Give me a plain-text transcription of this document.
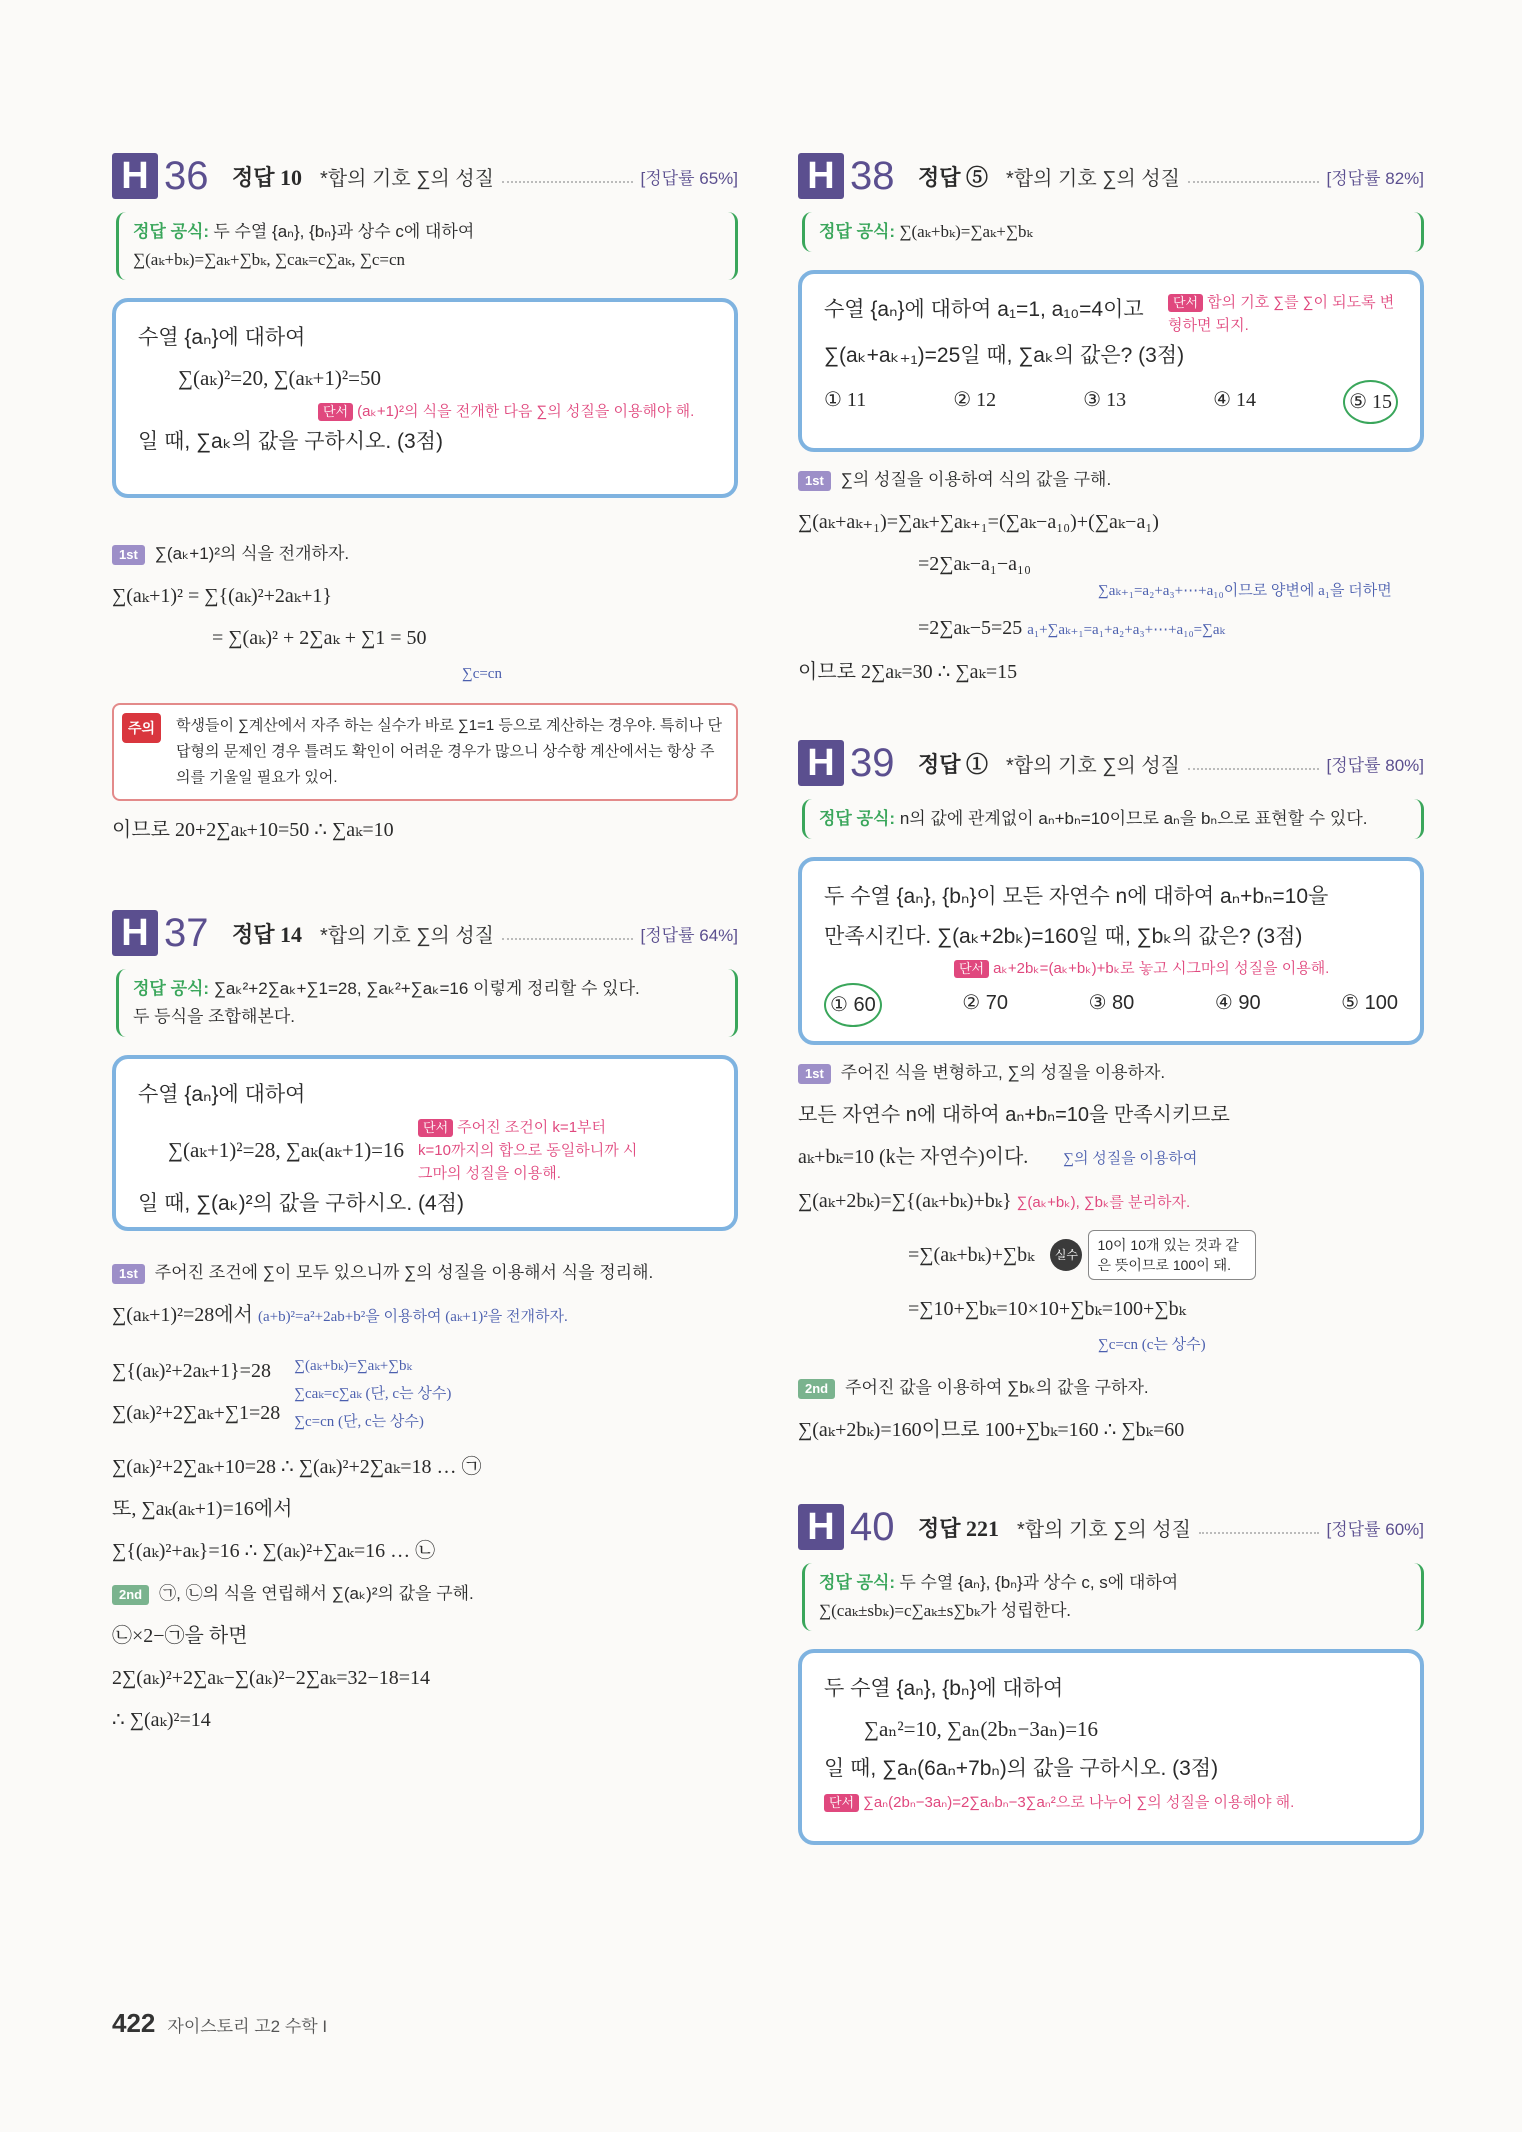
H 36	정답 10 *합의 기호 ∑의 성질	[정답률 65%]
정답 공식: 두 수열 {aₙ}, {bₙ}과 상수 c에 대하여
∑(aₖ+bₖ)=∑aₖ+∑bₖ, ∑caₖ=c∑aₖ, ∑c=cn
수열 {aₙ}에 대하여
∑(aₖ)²=20, ∑(aₖ+1)²=50
단서 (aₖ+1)²의 식을 전개한 다음 ∑의 성질을 이용해야 해.
일 때, ∑aₖ의 값을 구하시오. (3점)
1st ∑(aₖ+1)²의 식을 전개하자.
∑(aₖ+1)² = ∑{(aₖ)²+2aₖ+1}
= ∑(aₖ)² + 2∑aₖ + ∑1 = 50
∑c=cn
주의	학생들이 ∑계산에서 자주 하는 실수가 바로 ∑1=1 등으로 계산하는 경우야. 특히나 단답형의 문제인 경우 틀려도 확인이 어려운 경우가 많으니 상수항 계산에서는 항상 주의를 기울일 필요가 있어.
이므로 20+2∑aₖ+10=50 ∴ ∑aₖ=10
H 37	정답 14 *합의 기호 ∑의 성질	[정답률 64%]
정답 공식: ∑aₖ²+2∑aₖ+∑1=28, ∑aₖ²+∑aₖ=16 이렇게 정리할 수 있다.
두 등식을 조합해본다.
수열 {aₙ}에 대하여
∑(aₖ+1)²=28, ∑aₖ(aₖ+1)=16
단서 주어진 조건이 k=1부터 k=10까지의 합으로 동일하니까 시그마의 성질을 이용해.
일 때, ∑(aₖ)²의 값을 구하시오. (4점)
1st 주어진 조건에 ∑이 모두 있으니까 ∑의 성질을 이용해서 식을 정리해.
∑(aₖ+1)²=28에서 (a+b)²=a²+2ab+b²을 이용하여 (aₖ+1)²을 전개하자.
∑{(aₖ)²+2aₖ+1}=28
∑(aₖ)²+2∑aₖ+∑1=28
∑(aₖ+bₖ)=∑aₖ+∑bₖ
∑caₖ=c∑aₖ (단, c는 상수)
∑c=cn (단, c는 상수)
∑(aₖ)²+2∑aₖ+10=28 ∴ ∑(aₖ)²+2∑aₖ=18 … ㉠
또, ∑aₖ(aₖ+1)=16에서
∑{(aₖ)²+aₖ}=16 ∴ ∑(aₖ)²+∑aₖ=16 … ㉡
2nd ㉠, ㉡의 식을 연립해서 ∑(aₖ)²의 값을 구해.
㉡×2−㉠을 하면
2∑(aₖ)²+2∑aₖ−∑(aₖ)²−2∑aₖ=32−18=14
∴ ∑(aₖ)²=14
H 38	정답 ⑤ *합의 기호 ∑의 성질	[정답률 82%]
정답 공식: ∑(aₖ+bₖ)=∑aₖ+∑bₖ
수열 {aₙ}에 대하여 a₁=1, a₁₀=4이고	단서 합의 기호 ∑를 ∑이 되도록 변형하면 되지.
∑(aₖ+aₖ₊₁)=25일 때, ∑aₖ의 값은? (3점)
① 11	② 12	③ 13	④ 14	⑤ 15
1st ∑의 성질을 이용하여 식의 값을 구해.
∑(aₖ+aₖ₊₁)=∑aₖ+∑aₖ₊₁=(∑aₖ−a₁₀)+(∑aₖ−a₁)
=2∑aₖ−a₁−a₁₀
∑aₖ₊₁=a₂+a₃+⋯+a₁₀이므로 양변에 a₁을 더하면
=2∑aₖ−5=25 a₁+∑aₖ₊₁=a₁+a₂+a₃+⋯+a₁₀=∑aₖ
이므로 2∑aₖ=30 ∴ ∑aₖ=15
H 39	정답 ① *합의 기호 ∑의 성질	[정답률 80%]
정답 공식: n의 값에 관계없이 aₙ+bₙ=10이므로 aₙ을 bₙ으로 표현할 수 있다.
두 수열 {aₙ}, {bₙ}이 모든 자연수 n에 대하여 aₙ+bₙ=10을
만족시킨다. ∑(aₖ+2bₖ)=160일 때, ∑bₖ의 값은? (3점)
단서 aₖ+2bₖ=(aₖ+bₖ)+bₖ로 놓고 시그마의 성질을 이용해.
① 60	② 70	③ 80	④ 90	⑤ 100
1st 주어진 식을 변형하고, ∑의 성질을 이용하자.
모든 자연수 n에 대하여 aₙ+bₙ=10을 만족시키므로
aₖ+bₖ=10 (k는 자연수)이다. ∑의 성질을 이용하여
∑(aₖ+2bₖ)=∑{(aₖ+bₖ)+bₖ} ∑(aₖ+bₖ), ∑bₖ를 분리하자.
=∑(aₖ+bₖ)+∑bₖ	실수
10이 10개 있는 것과 같은 뜻이므로 100이 돼.
=∑10+∑bₖ=10×10+∑bₖ=100+∑bₖ
∑c=cn (c는 상수)
2nd 주어진 값을 이용하여 ∑bₖ의 값을 구하자.
∑(aₖ+2bₖ)=160이므로 100+∑bₖ=160 ∴ ∑bₖ=60
H 40	정답 221 *합의 기호 ∑의 성질	[정답률 60%]
정답 공식: 두 수열 {aₙ}, {bₙ}과 상수 c, s에 대하여
∑(caₖ±sbₖ)=c∑aₖ±s∑bₖ가 성립한다.
두 수열 {aₙ}, {bₙ}에 대하여
∑aₙ²=10, ∑aₙ(2bₙ−3aₙ)=16
일 때, ∑aₙ(6aₙ+7bₙ)의 값을 구하시오. (3점)
단서 ∑aₙ(2bₙ−3aₙ)=2∑aₙbₙ−3∑aₙ²으로 나누어 ∑의 성질을 이용해야 해.
422 자이스토리 고2 수학 I
